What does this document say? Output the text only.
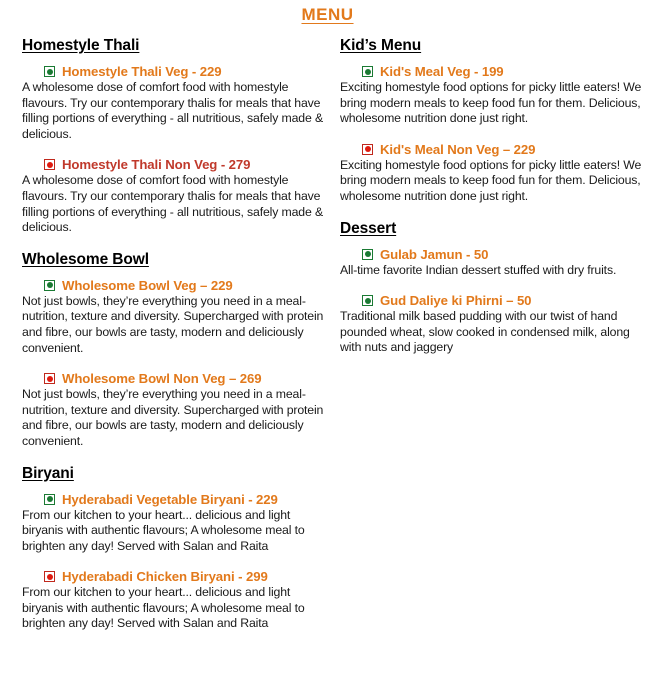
MENU
Homestyle Thali
Homestyle Thali Veg - 229

A wholesome dose of comfort food with homestyle flavours. Try our contemporary thalis for meals that have filling portions of everything - all nutritious, safely made & delicious.

Homestyle Thali Non Veg - 279

A wholesome dose of comfort food with homestyle flavours. Try our contemporary thalis for meals that have filling portions of everything - all nutritious, safely made & delicious.

Wholesome Bowl
Wholesome Bowl Veg – 229

Not just bowls, they’re everything you need in a meal- nutrition, texture and diversity. Supercharged with protein and fibre, our bowls are tasty, modern and deliciously convenient.

Wholesome Bowl Non Veg – 269

Not just bowls, they’re everything you need in a meal- nutrition, texture and diversity. Supercharged with protein and fibre, our bowls are tasty, modern and deliciously convenient.

Biryani
Hyderabadi Vegetable Biryani - 229

From our kitchen to your heart... delicious and light biryanis with authentic flavours; A wholesome meal to brighten any day! Served with Salan and Raita

Hyderabadi Chicken Biryani - 299

From our kitchen to your heart... delicious and light biryanis with authentic flavours; A wholesome meal to brighten any day! Served with Salan and Raita

Kid’s Menu
Kid's Meal Veg - 199

Exciting homestyle food options for picky little eaters! We bring modern meals to keep food fun for them. Delicious, wholesome nutrition done just right.

Kid's Meal Non Veg – 229

Exciting homestyle food options for picky little eaters! We bring modern meals to keep food fun for them. Delicious, wholesome nutrition done just right.

Dessert
Gulab Jamun - 50

All-time favorite Indian dessert stuffed with dry fruits.

Gud Daliye ki Phirni – 50

Traditional milk based pudding with our twist of hand pounded wheat, slow cooked in condensed milk, along with nuts and jaggery
